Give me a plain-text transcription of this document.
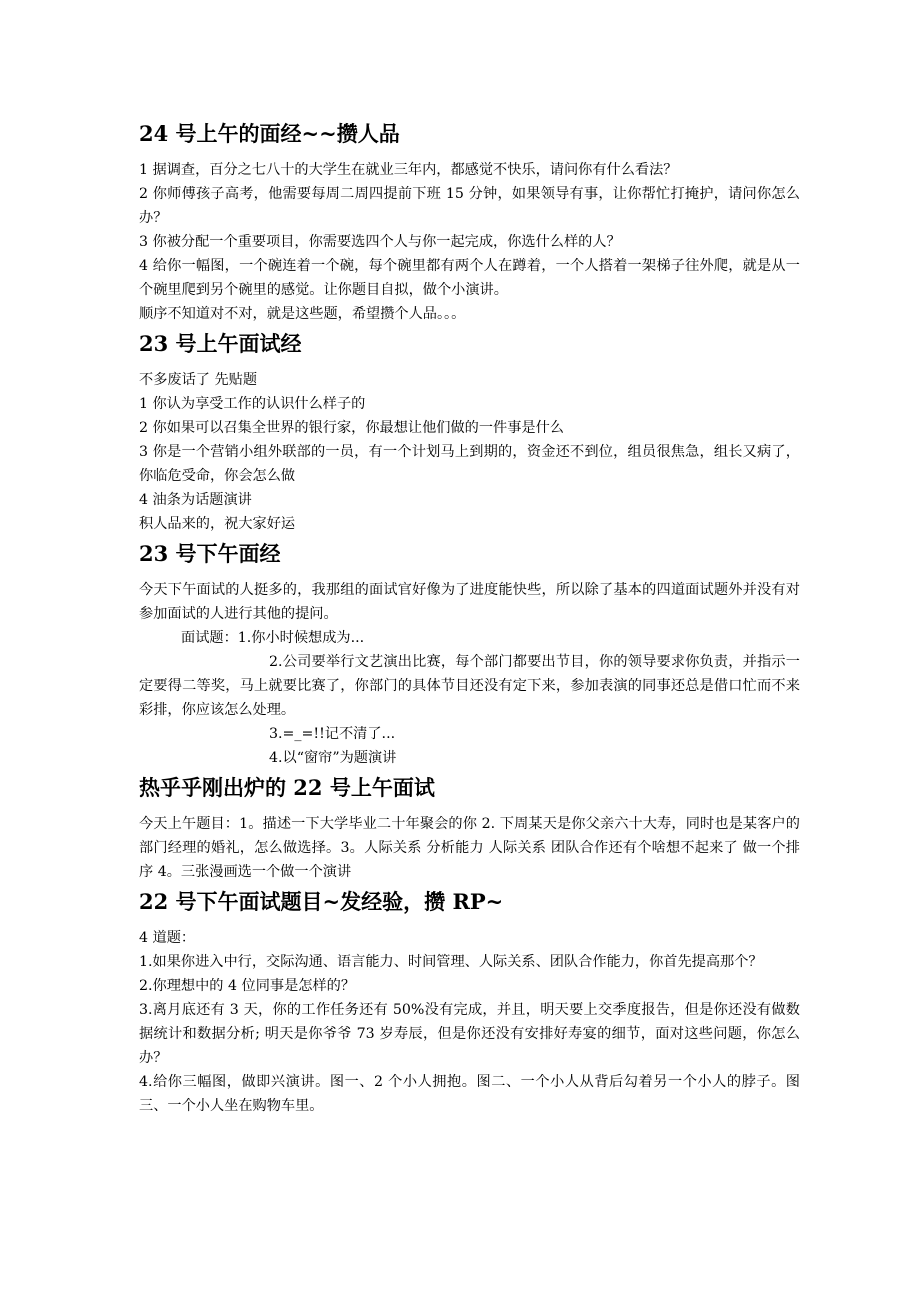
24 号上午的面经~~攒人品

1 据调查，百分之七八十的大学生在就业三年内，都感觉不快乐，请问你有什么看法？

2 你师傅孩子高考，他需要每周二周四提前下班 15 分钟，如果领导有事，让你帮忙打掩护，请问你怎么办？

3 你被分配一个重要项目，你需要选四个人与你一起完成，你选什么样的人？

4 给你一幅图，一个碗连着一个碗，每个碗里都有两个人在蹲着，一个人搭着一架梯子往外爬，就是从一个碗里爬到另个碗里的感觉。让你题目自拟，做个小演讲。

顺序不知道对不对，就是这些题，希望攒个人品。。。

23 号上午面试经

不多废话了 先贴题

1 你认为享受工作的认识什么样子的

2 你如果可以召集全世界的银行家，你最想让他们做的一件事是什么

3 你是一个营销小组外联部的一员，有一个计划马上到期的，资金还不到位，组员很焦急，组长又病了，你临危受命，你会怎么做

4 油条为话题演讲

积人品来的，祝大家好运

23 号下午面经

今天下午面试的人挺多的，我那组的面试官好像为了进度能快些，所以除了基本的四道面试题外并没有对参加面试的人进行其他的提问。

面试题：1.你小时候想成为...

2.公司要举行文艺演出比赛，每个部门都要出节目，你的领导要求你负责，并指示一定要得二等奖，马上就要比赛了，你部门的具体节目还没有定下来，参加表演的同事还总是借口忙而不来彩排，你应该怎么处理。

3.=_=!!记不清了...

4.以“窗帘”为题演讲

热乎乎刚出炉的 22 号上午面试

今天上午题目：1。描述一下大学毕业二十年聚会的你 2. 下周某天是你父亲六十大寿，同时也是某客户的部门经理的婚礼，怎么做选择。3。人际关系 分析能力 人际关系 团队合作还有个啥想不起来了 做一个排序 4。三张漫画选一个做一个演讲

22 号下午面试题目~发经验，攒 RP~

4 道题：

1.如果你进入中行，交际沟通、语言能力、时间管理、人际关系、团队合作能力，你首先提高那个？

2.你理想中的 4 位同事是怎样的？

3.离月底还有 3 天，你的工作任务还有 50%没有完成，并且，明天要上交季度报告，但是你还没有做数据统计和数据分析; 明天是你爷爷 73 岁寿辰，但是你还没有安排好寿宴的细节，面对这些问题，你怎么办？

4.给你三幅图，做即兴演讲。图一、2 个小人拥抱。图二、一个小人从背后勾着另一个小人的脖子。图三、一个小人坐在购物车里。
